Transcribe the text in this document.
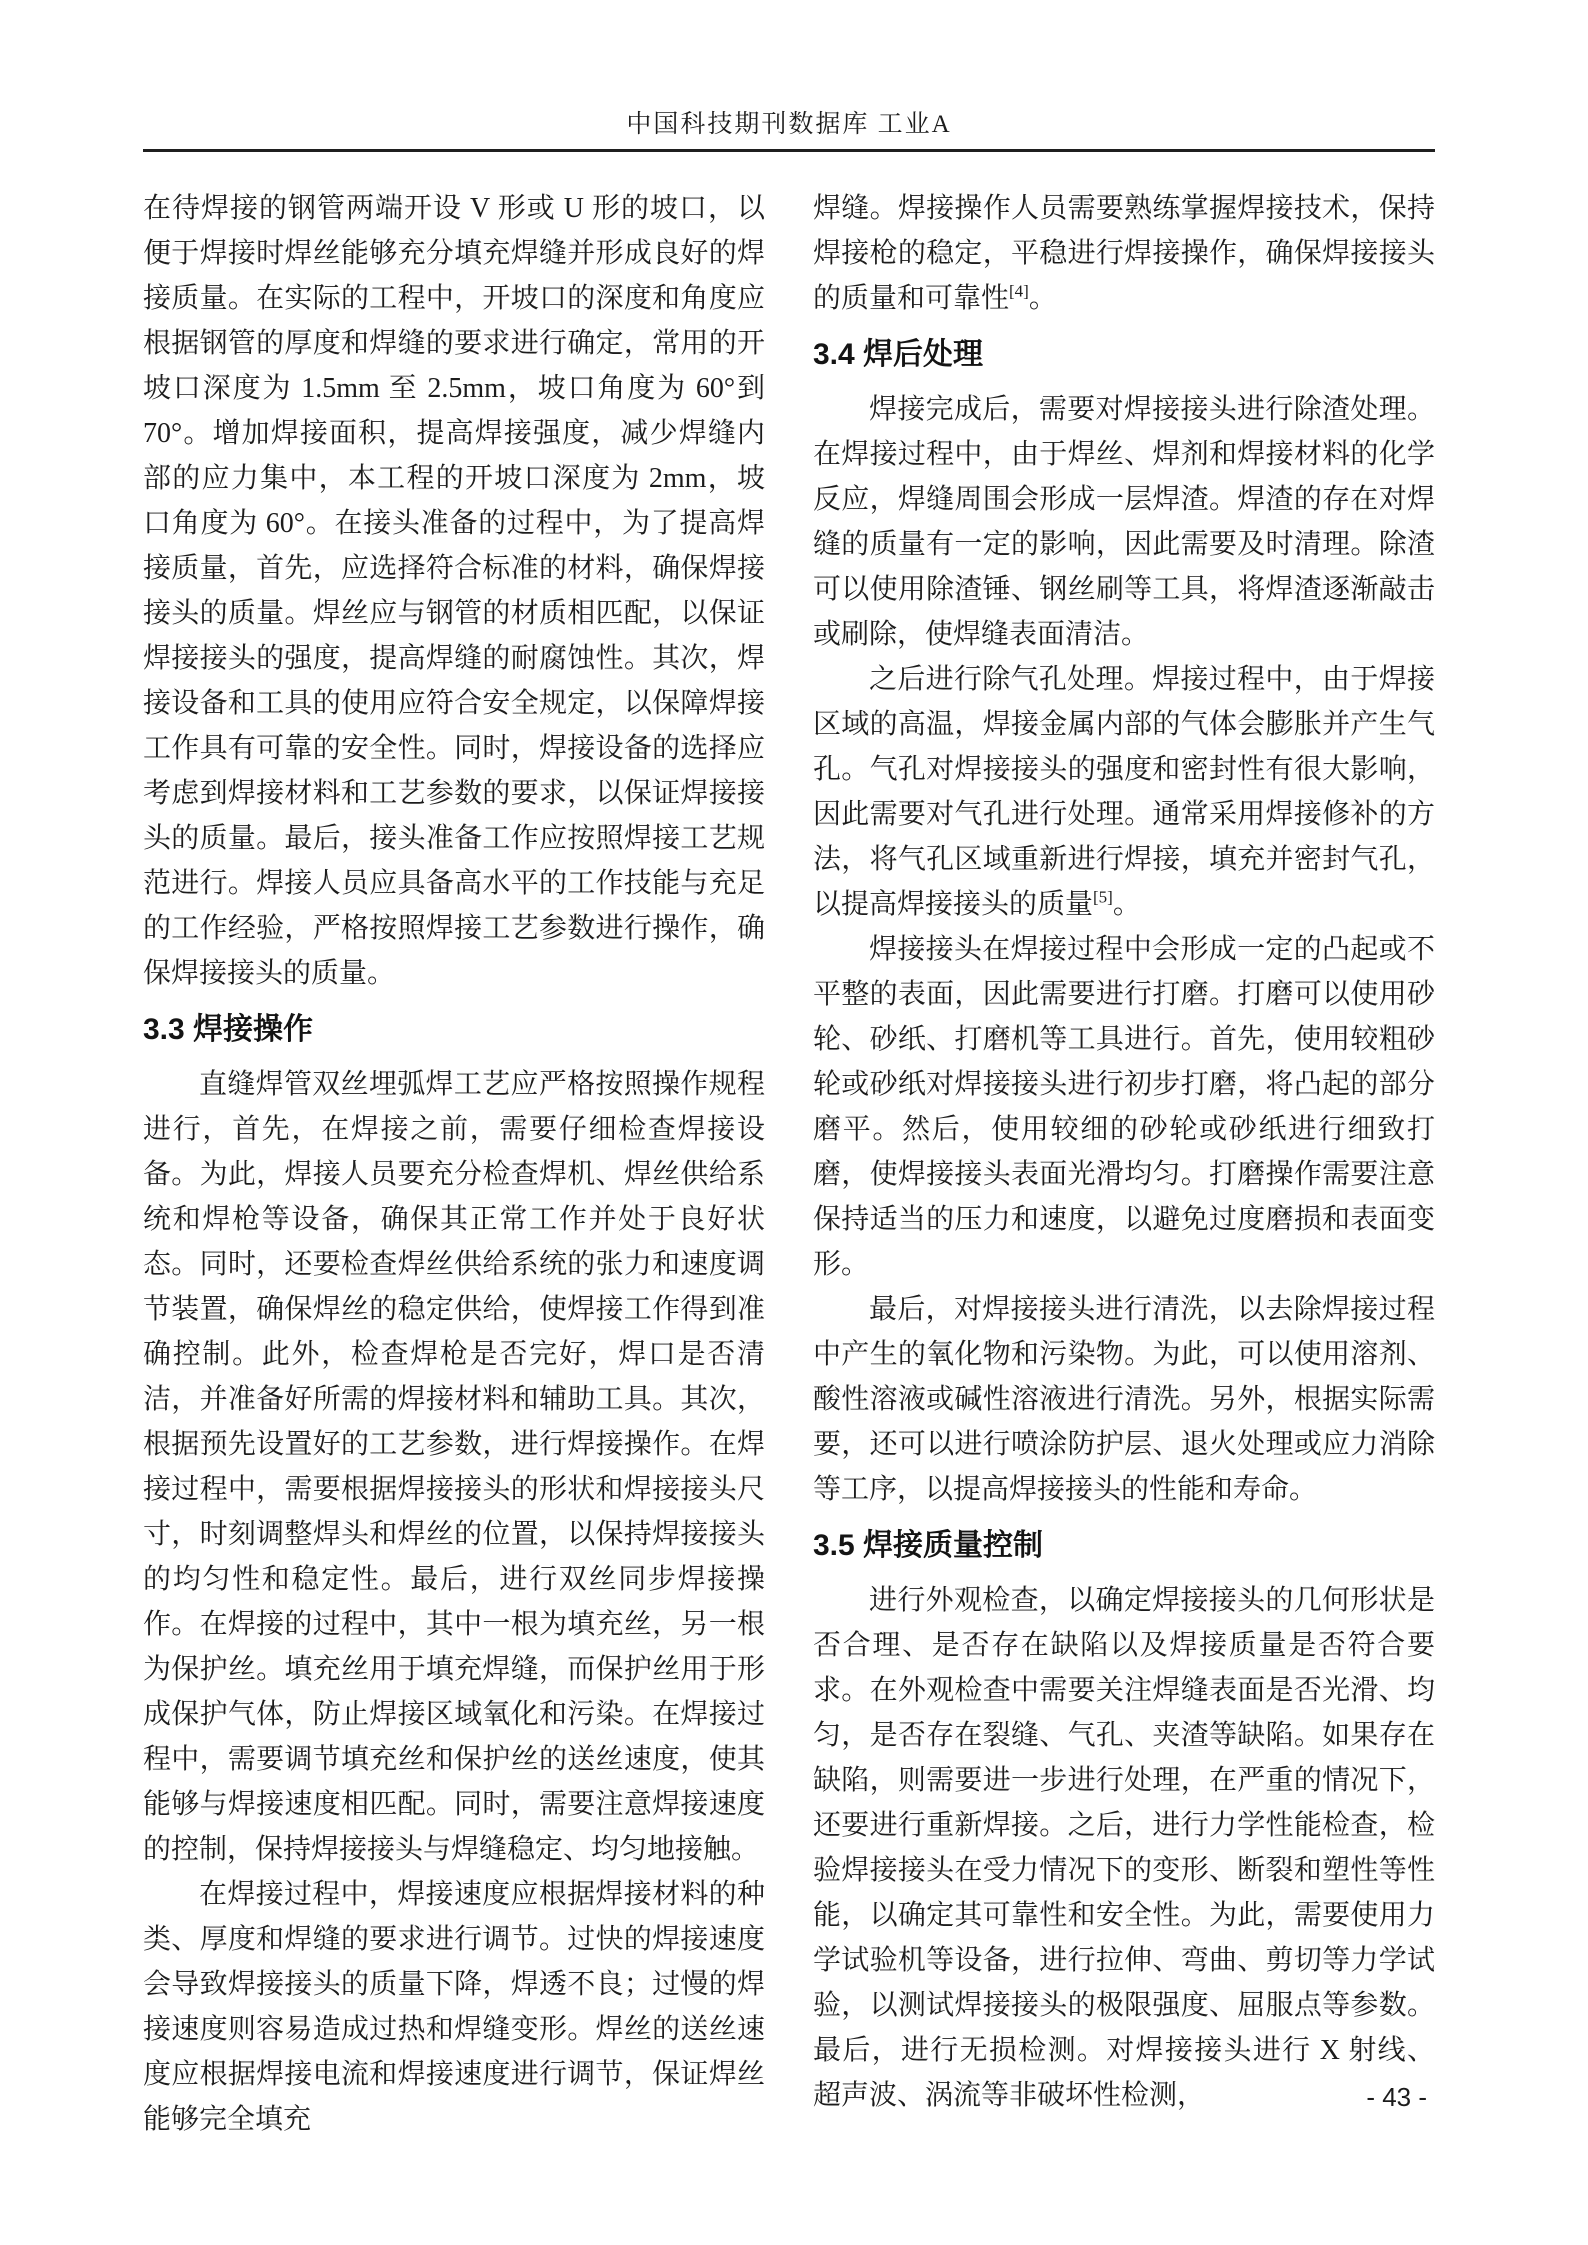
中国科技期刊数据库 工业A

在待焊接的钢管两端开设 V 形或 U 形的坡口，以便于焊接时焊丝能够充分填充焊缝并形成良好的焊接质量。在实际的工程中，开坡口的深度和角度应根据钢管的厚度和焊缝的要求进行确定，常用的开坡口深度为 1.5mm 至 2.5mm，坡口角度为 60°到 70°。增加焊接面积，提高焊接强度，减少焊缝内部的应力集中，本工程的开坡口深度为 2mm，坡口角度为 60°。在接头准备的过程中，为了提高焊接质量，首先，应选择符合标准的材料，确保焊接接头的质量。焊丝应与钢管的材质相匹配，以保证焊接接头的强度，提高焊缝的耐腐蚀性。其次，焊接设备和工具的使用应符合安全规定，以保障焊接工作具有可靠的安全性。同时，焊接设备的选择应考虑到焊接材料和工艺参数的要求，以保证焊接接头的质量。最后，接头准备工作应按照焊接工艺规范进行。焊接人员应具备高水平的工作技能与充足的工作经验，严格按照焊接工艺参数进行操作，确保焊接接头的质量。

3.3 焊接操作

直缝焊管双丝埋弧焊工艺应严格按照操作规程进行，首先，在焊接之前，需要仔细检查焊接设备。为此，焊接人员要充分检查焊机、焊丝供给系统和焊枪等设备，确保其正常工作并处于良好状态。同时，还要检查焊丝供给系统的张力和速度调节装置，确保焊丝的稳定供给，使焊接工作得到准确控制。此外，检查焊枪是否完好，焊口是否清洁，并准备好所需的焊接材料和辅助工具。其次，根据预先设置好的工艺参数，进行焊接操作。在焊接过程中，需要根据焊接接头的形状和焊接接头尺寸，时刻调整焊头和焊丝的位置，以保持焊接接头的均匀性和稳定性。最后，进行双丝同步焊接操作。在焊接的过程中，其中一根为填充丝，另一根为保护丝。填充丝用于填充焊缝，而保护丝用于形成保护气体，防止焊接区域氧化和污染。在焊接过程中，需要调节填充丝和保护丝的送丝速度，使其能够与焊接速度相匹配。同时，需要注意焊接速度的控制，保持焊接接头与焊缝稳定、均匀地接触。

在焊接过程中，焊接速度应根据焊接材料的种类、厚度和焊缝的要求进行调节。过快的焊接速度会导致焊接接头的质量下降，焊透不良；过慢的焊接速度则容易造成过热和焊缝变形。焊丝的送丝速度应根据焊接电流和焊接速度进行调节，保证焊丝能够完全填充

焊缝。焊接操作人员需要熟练掌握焊接技术，保持焊接枪的稳定，平稳进行焊接操作，确保焊接接头的质量和可靠性[4]。

3.4 焊后处理

焊接完成后，需要对焊接接头进行除渣处理。在焊接过程中，由于焊丝、焊剂和焊接材料的化学反应，焊缝周围会形成一层焊渣。焊渣的存在对焊缝的质量有一定的影响，因此需要及时清理。除渣可以使用除渣锤、钢丝刷等工具，将焊渣逐渐敲击或刷除，使焊缝表面清洁。

之后进行除气孔处理。焊接过程中，由于焊接区域的高温，焊接金属内部的气体会膨胀并产生气孔。气孔对焊接接头的强度和密封性有很大影响，因此需要对气孔进行处理。通常采用焊接修补的方法，将气孔区域重新进行焊接，填充并密封气孔，以提高焊接接头的质量[5]。

焊接接头在焊接过程中会形成一定的凸起或不平整的表面，因此需要进行打磨。打磨可以使用砂轮、砂纸、打磨机等工具进行。首先，使用较粗砂轮或砂纸对焊接接头进行初步打磨，将凸起的部分磨平。然后，使用较细的砂轮或砂纸进行细致打磨，使焊接接头表面光滑均匀。打磨操作需要注意保持适当的压力和速度，以避免过度磨损和表面变形。

最后，对焊接接头进行清洗，以去除焊接过程中产生的氧化物和污染物。为此，可以使用溶剂、酸性溶液或碱性溶液进行清洗。另外，根据实际需要，还可以进行喷涂防护层、退火处理或应力消除等工序，以提高焊接接头的性能和寿命。

3.5 焊接质量控制

进行外观检查，以确定焊接接头的几何形状是否合理、是否存在缺陷以及焊接质量是否符合要求。在外观检查中需要关注焊缝表面是否光滑、均匀，是否存在裂缝、气孔、夹渣等缺陷。如果存在缺陷，则需要进一步进行处理，在严重的情况下，还要进行重新焊接。之后，进行力学性能检查，检验焊接接头在受力情况下的变形、断裂和塑性等性能，以确定其可靠性和安全性。为此，需要使用力学试验机等设备，进行拉伸、弯曲、剪切等力学试验，以测试焊接接头的极限强度、屈服点等参数。最后，进行无损检测。对焊接接头进行 X 射线、超声波、涡流等非破坏性检测，	- 43 -
